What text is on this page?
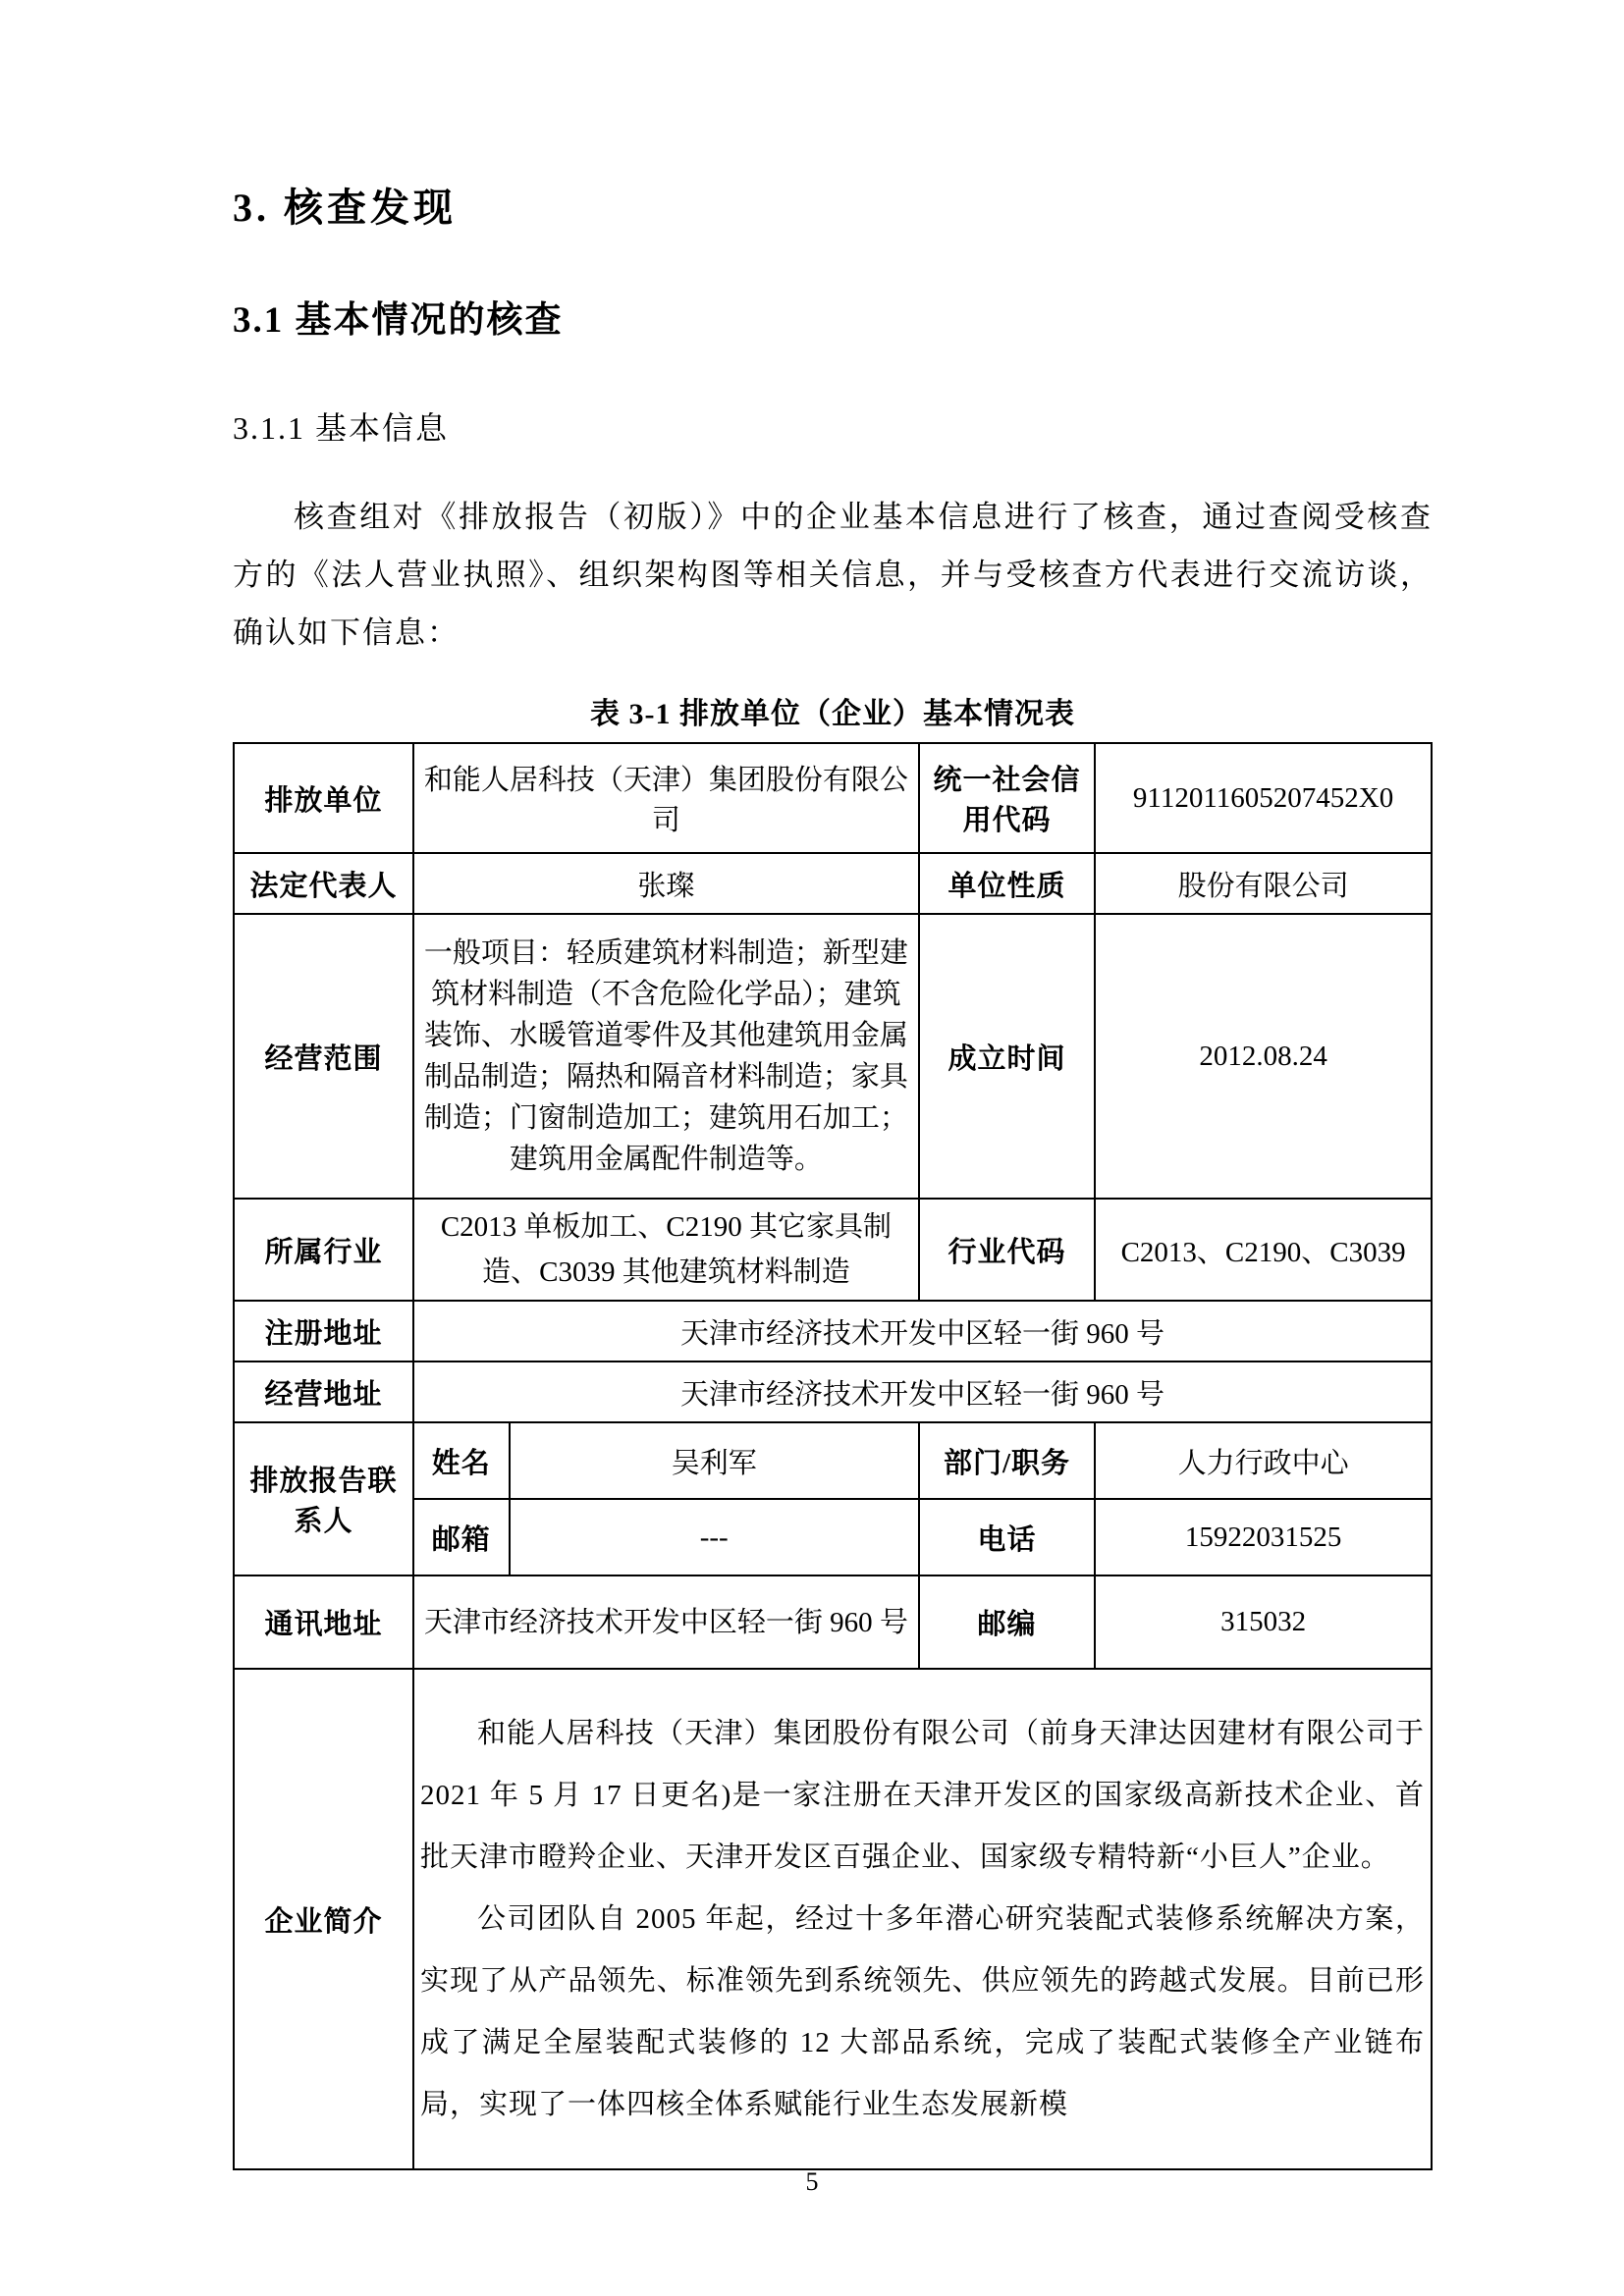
3. 核查发现
3.1 基本情况的核查
3.1.1 基本信息

核查组对《排放报告（初版）》中的企业基本信息进行了核查，通过查阅受核查方的《法人营业执照》、组织架构图等相关信息，并与受核查方代表进行交流访谈，确认如下信息：

表 3-1 排放单位（企业）基本情况表
排放单位	和能人居科技（天津）集团股份有限公司		统一社会信用代码	9112011605207452X0
法定代表人	张璨		单位性质	股份有限公司
经营范围	一般项目：轻质建筑材料制造；新型建筑材料制造（不含危险化学品）；建筑装饰、水暖管道零件及其他建筑用金属制品制造；隔热和隔音材料制造；家具制造；门窗制造加工；建筑用石加工；建筑用金属配件制造等。		成立时间	2012.08.24
所属行业	C2013 单板加工、C2190 其它家具制造、C3039 其他建筑材料制造		行业代码	C2013、C2190、C3039
注册地址	天津市经济技术开发中区轻一街 960 号			
经营地址	天津市经济技术开发中区轻一街 960 号			
排放报告联系人	姓名	吴利军	部门/职务	人力行政中心
	邮箱	---	电话	15922031525
通讯地址	天津市经济技术开发中区轻一街 960 号		邮编	315032
企业简介	和能人居科技（天津）集团股份有限公司（前身天津达因建材有限公司于 2021 年 5 月 17 日更名)是一家注册在天津开发区的国家级高新技术企业、首批天津市瞪羚企业、天津开发区百强企业、国家级专精特新“小巨人”企业。

公司团队自 2005 年起，经过十多年潜心研究装配式装修系统解决方案，实现了从产品领先、标准领先到系统领先、供应领先的跨越式发展。目前已形成了满足全屋装配式装修的 12 大部品系统，完成了装配式装修全产业链布局，实现了一体四核全体系赋能行业生态发展新模			

5
